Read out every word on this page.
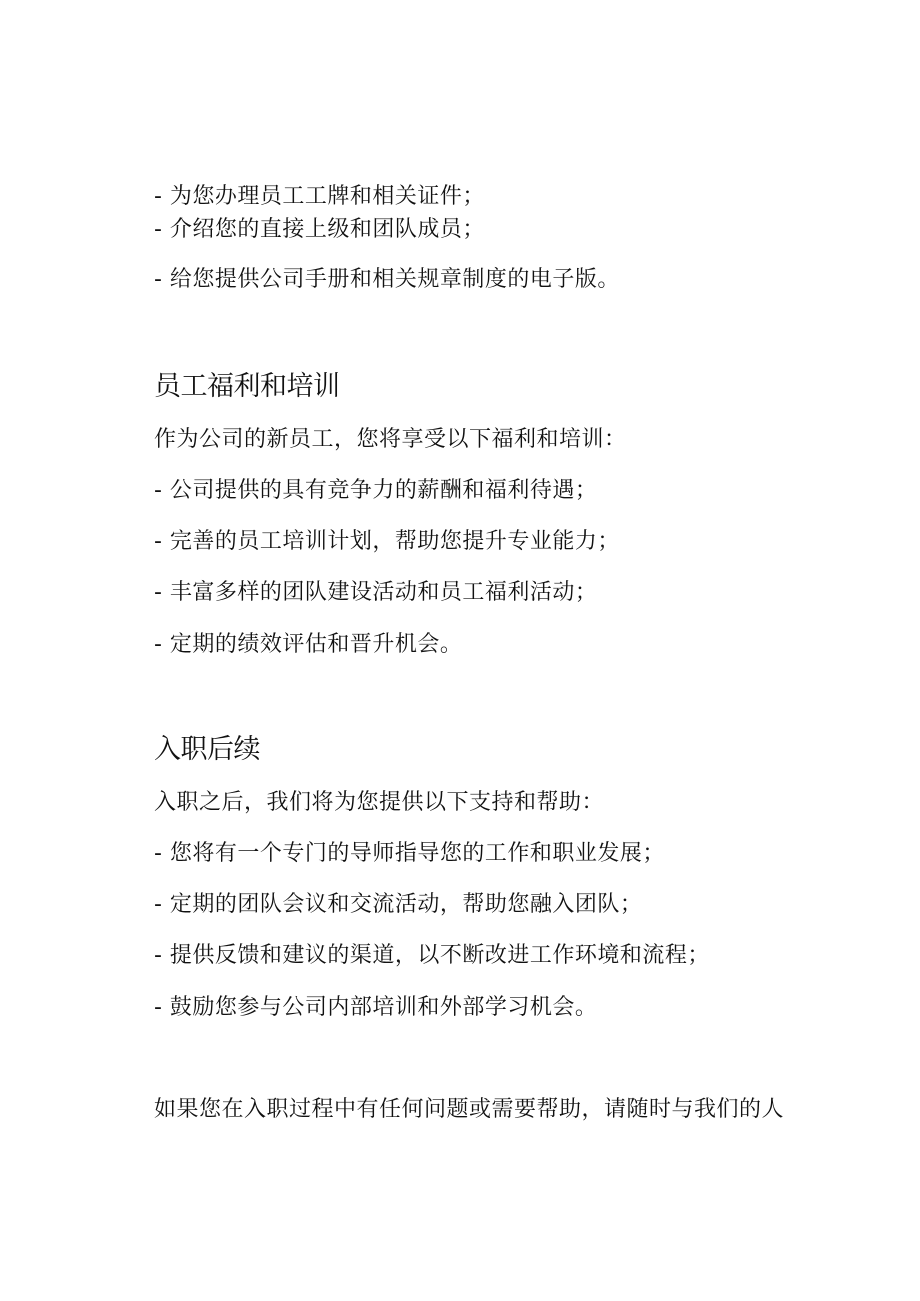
- 为您办理员工工牌和相关证件；
- 介绍您的直接上级和团队成员；
- 给您提供公司手册和相关规章制度的电子版。
员工福利和培训
作为公司的新员工，您将享受以下福利和培训：
- 公司提供的具有竞争力的薪酬和福利待遇；
- 完善的员工培训计划，帮助您提升专业能力；
- 丰富多样的团队建设活动和员工福利活动；
- 定期的绩效评估和晋升机会。
入职后续
入职之后，我们将为您提供以下支持和帮助：
- 您将有一个专门的导师指导您的工作和职业发展；
- 定期的团队会议和交流活动，帮助您融入团队；
- 提供反馈和建议的渠道，以不断改进工作环境和流程；
- 鼓励您参与公司内部培训和外部学习机会。
如果您在入职过程中有任何问题或需要帮助，请随时与我们的人
